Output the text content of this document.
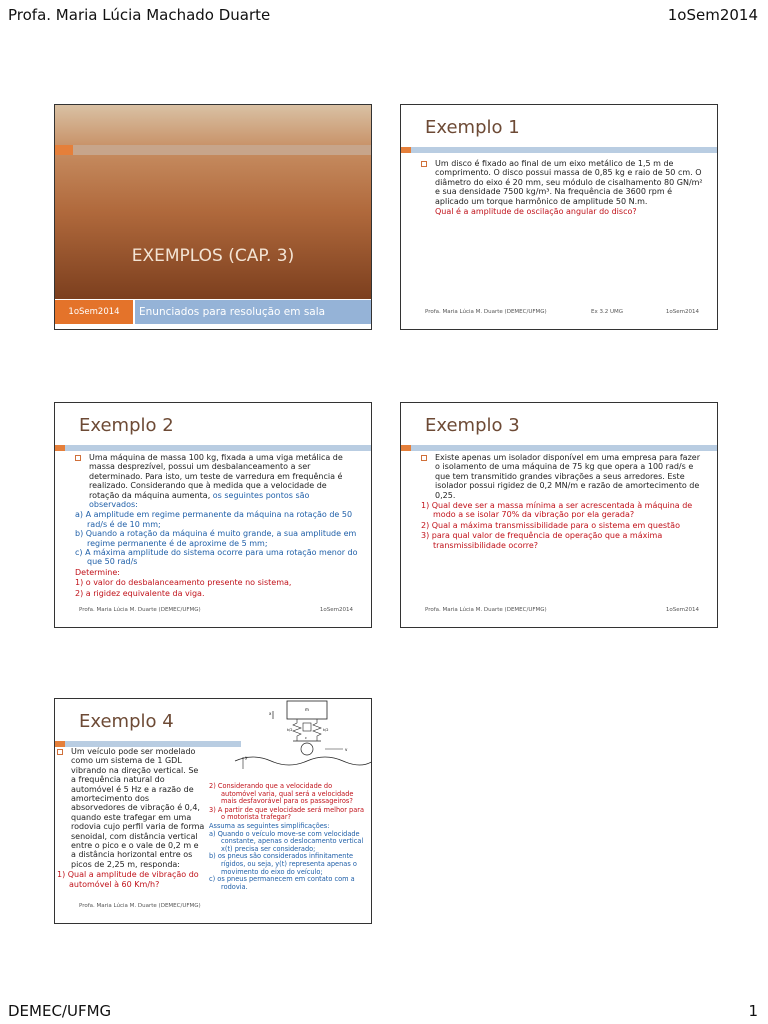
Profa. Maria Lúcia Machado Duarte	1oSem2014
EXEMPLOS (CAP. 3)
1oSem2014	Enunciados para resolução em sala
Exemplo 1
Um disco é fixado ao final de um eixo metálico de 1,5 m de comprimento. O disco possui massa de 0,85 kg e raio de 50 cm. O diâmetro do eixo é 20 mm, seu módulo de cisalhamento 80 GN/m² e sua densidade 7500 kg/m³. Na frequência de 3600 rpm é aplicado um torque harmônico de amplitude 50 N.m.
Qual é a amplitude de oscilação angular do disco?
Profa. Maria Lúcia M. Duarte (DEMEC/UFMG)	Ex 3.2 UMG	1oSem2014
Exemplo 2
Uma máquina de massa 100 kg, fixada a uma viga metálica de massa desprezível, possui um desbalanceamento a ser determinado. Para isto, um teste de varredura em frequência é realizado. Considerando que à medida que a velocidade de rotação da máquina aumenta, os seguintes pontos são observados:
a) A amplitude em regime permanente da máquina na rotação de 50 rad/s é de 10 mm;
b) Quando a rotação da máquina é muito grande, a sua amplitude em regime permanente é de aproxime de 5 mm;
c) A máxima amplitude do sistema ocorre para uma rotação menor do que 50 rad/s
Determine:
1) o valor do desbalanceamento presente no sistema,
2) a rigidez equivalente da viga.
Profa. Maria Lúcia M. Duarte (DEMEC/UFMG)	1oSem2014
Exemplo 3
Existe apenas um isolador disponível em uma empresa para fazer o isolamento de uma máquina de 75 kg que opera a 100 rad/s e que tem transmitido grandes vibrações a seus arredores. Este isolador possui rigidez de 0,2 MN/m e razão de amortecimento de 0,25.
1) Qual deve ser a massa mínima a ser acrescentada à máquina de modo a se isolar 70% da vibração por ela gerada?
2) Qual a máxima transmissibilidade para o sistema em questão
3) para qual valor de frequência de operação que a máxima transmissibilidade ocorre?
Profa. Maria Lúcia M. Duarte (DEMEC/UFMG)	1oSem2014
Exemplo 4
m
x
k/2	k/2
c
y
v
Um veículo pode ser modelado como um sistema de 1 GDL vibrando na direção vertical. Se a frequência natural do automóvel é 5 Hz e a razão de amortecimento dos absorvedores de vibração é 0,4, quando este trafegar em uma rodovia cujo perfil varia de forma senoidal, com distância vertical entre o pico e o vale de 0,2 m e a distância horizontal entre os picos de 2,25 m, responda:
1) Qual a amplitude de vibração do automóvel à 60 Km/h?
2) Considerando que a velocidade do automóvel varia, qual será a velocidade mais desfavorável para os passageiros?
3) A partir de que velocidade será melhor para o motorista trafegar?
Assuma as seguintes simplificações:
a) Quando o veículo move-se com velocidade constante, apenas o deslocamento vertical x(t) precisa ser considerado;
b) os pneus são considerados infinitamente rígidos, ou seja, y(t) representa apenas o movimento do eixo do veículo;
c) os pneus permanecem em contato com a rodovia.
Profa. Maria Lúcia M. Duarte (DEMEC/UFMG)
DEMEC/UFMG	1
